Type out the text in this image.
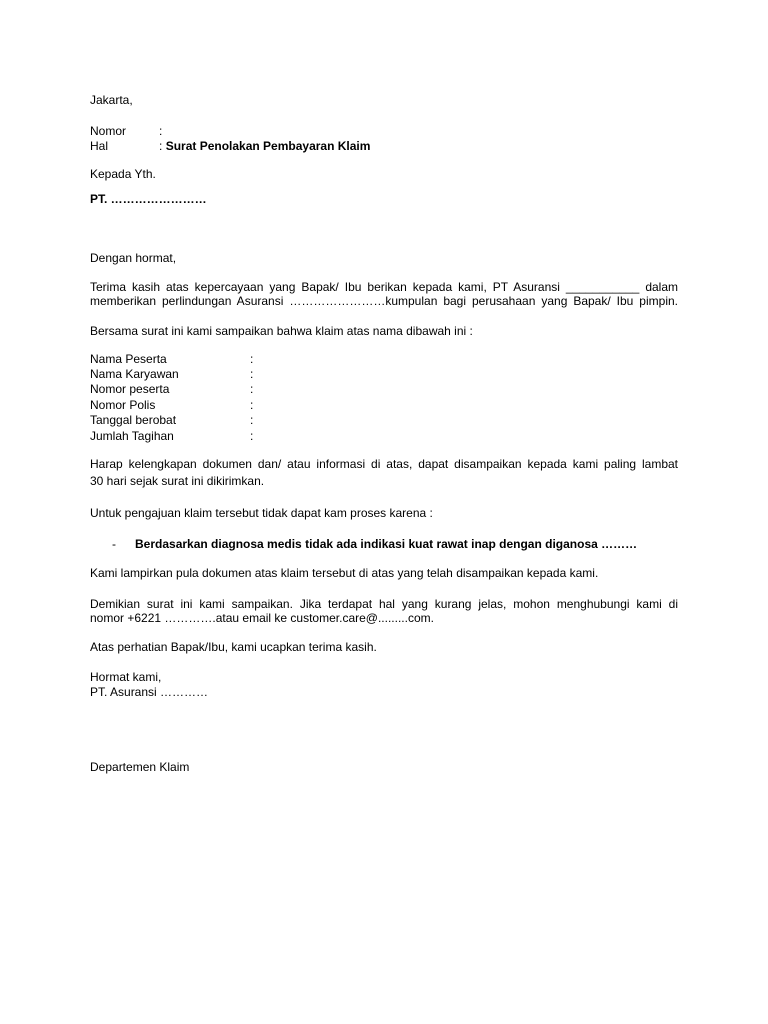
Jakarta,
Nomor	:
Hal	: Surat Penolakan Pembayaran Klaim
Kepada Yth.
PT. ……………………
Dengan hormat,
Terima kasih atas kepercayaan yang Bapak/ Ibu berikan kepada kami, PT Asuransi ___________ dalam
memberikan perlindungan Asuransi ……………………kumpulan bagi perusahaan yang Bapak/ Ibu pimpin.
Bersama surat ini kami sampaikan bahwa klaim atas nama dibawah ini :
Nama Peserta	:
Nama Karyawan	:
Nomor peserta	:
Nomor Polis	:
Tanggal berobat	:
Jumlah Tagihan	:
Harap kelengkapan dokumen dan/ atau informasi di atas, dapat disampaikan kepada kami paling lambat
30 hari sejak surat ini dikirimkan.
Untuk pengajuan klaim tersebut tidak dapat kam proses karena :
- Berdasarkan diagnosa medis tidak ada indikasi kuat rawat inap dengan diganosa ………
Kami lampirkan pula dokumen atas klaim tersebut di atas yang telah disampaikan kepada kami.
Demikian surat ini kami sampaikan. Jika terdapat hal yang kurang jelas, mohon menghubungi kami di
nomor +6221 ………….atau email ke customer.care@.........com.
Atas perhatian Bapak/Ibu, kami ucapkan terima kasih.
Hormat kami,
PT. Asuransi …………
Departemen Klaim
